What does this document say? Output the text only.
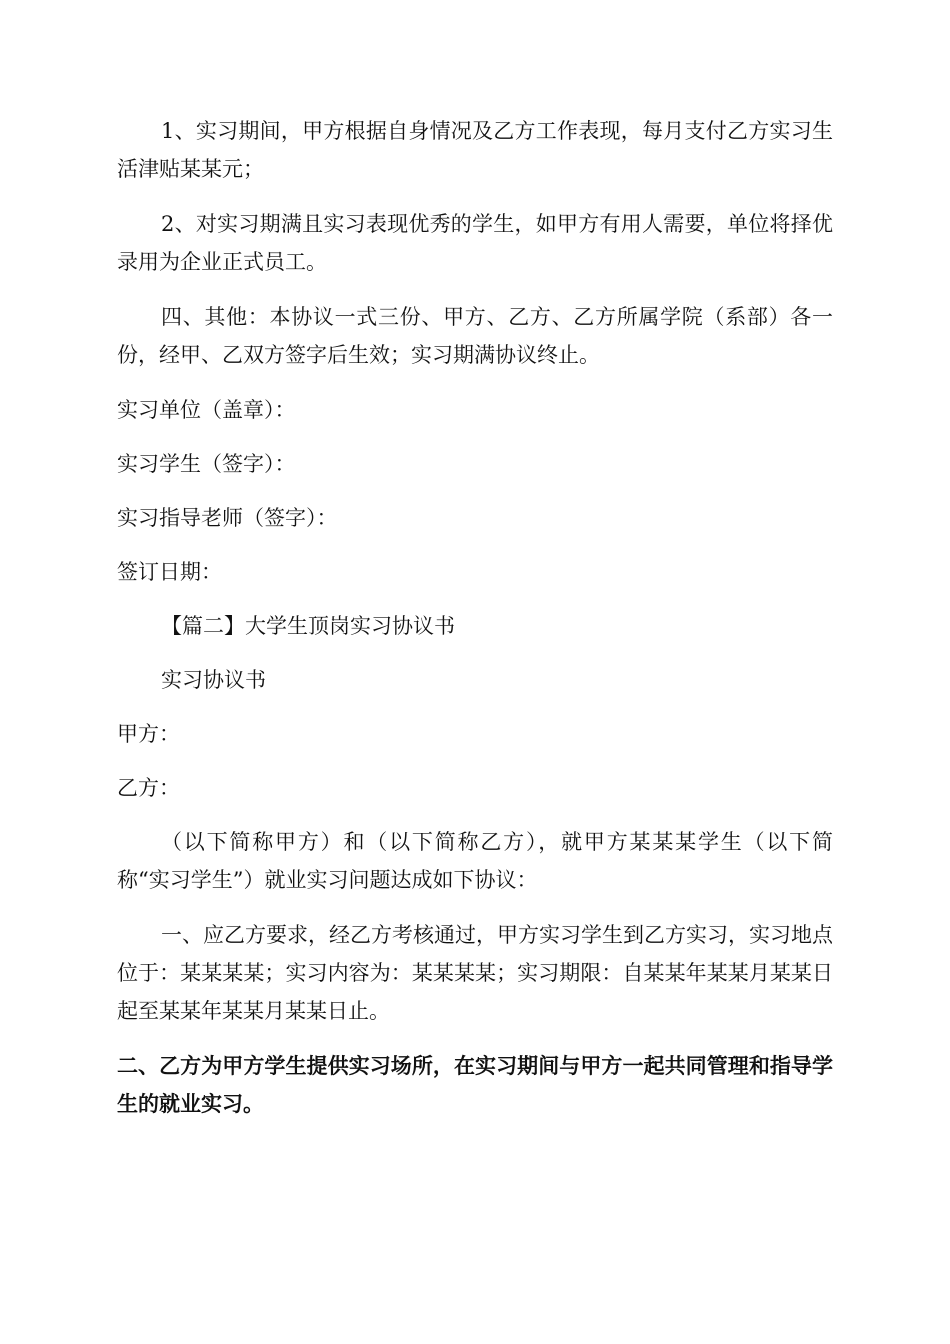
1、实习期间，甲方根据自身情况及乙方工作表现，每月支付乙方实习生活津贴某某元；

2、对实习期满且实习表现优秀的学生，如甲方有用人需要，单位将择优录用为企业正式员工。

四、其他：本协议一式三份、甲方、乙方、乙方所属学院（系部）各一份，经甲、乙双方签字后生效；实习期满协议终止。

实习单位（盖章）：

实习学生（签字）：

实习指导老师（签字）：

签订日期：

【篇二】大学生顶岗实习协议书

实习协议书

甲方：

乙方：

（以下简称甲方）和（以下简称乙方），就甲方某某某学生（以下简称“实习学生”）就业实习问题达成如下协议：

一、应乙方要求，经乙方考核通过，甲方实习学生到乙方实习，实习地点位于：某某某某；实习内容为：某某某某；实习期限：自某某年某某月某某日起至某某年某某月某某日止。

二、乙方为甲方学生提供实习场所，在实习期间与甲方一起共同管理和指导学生的就业实习。
